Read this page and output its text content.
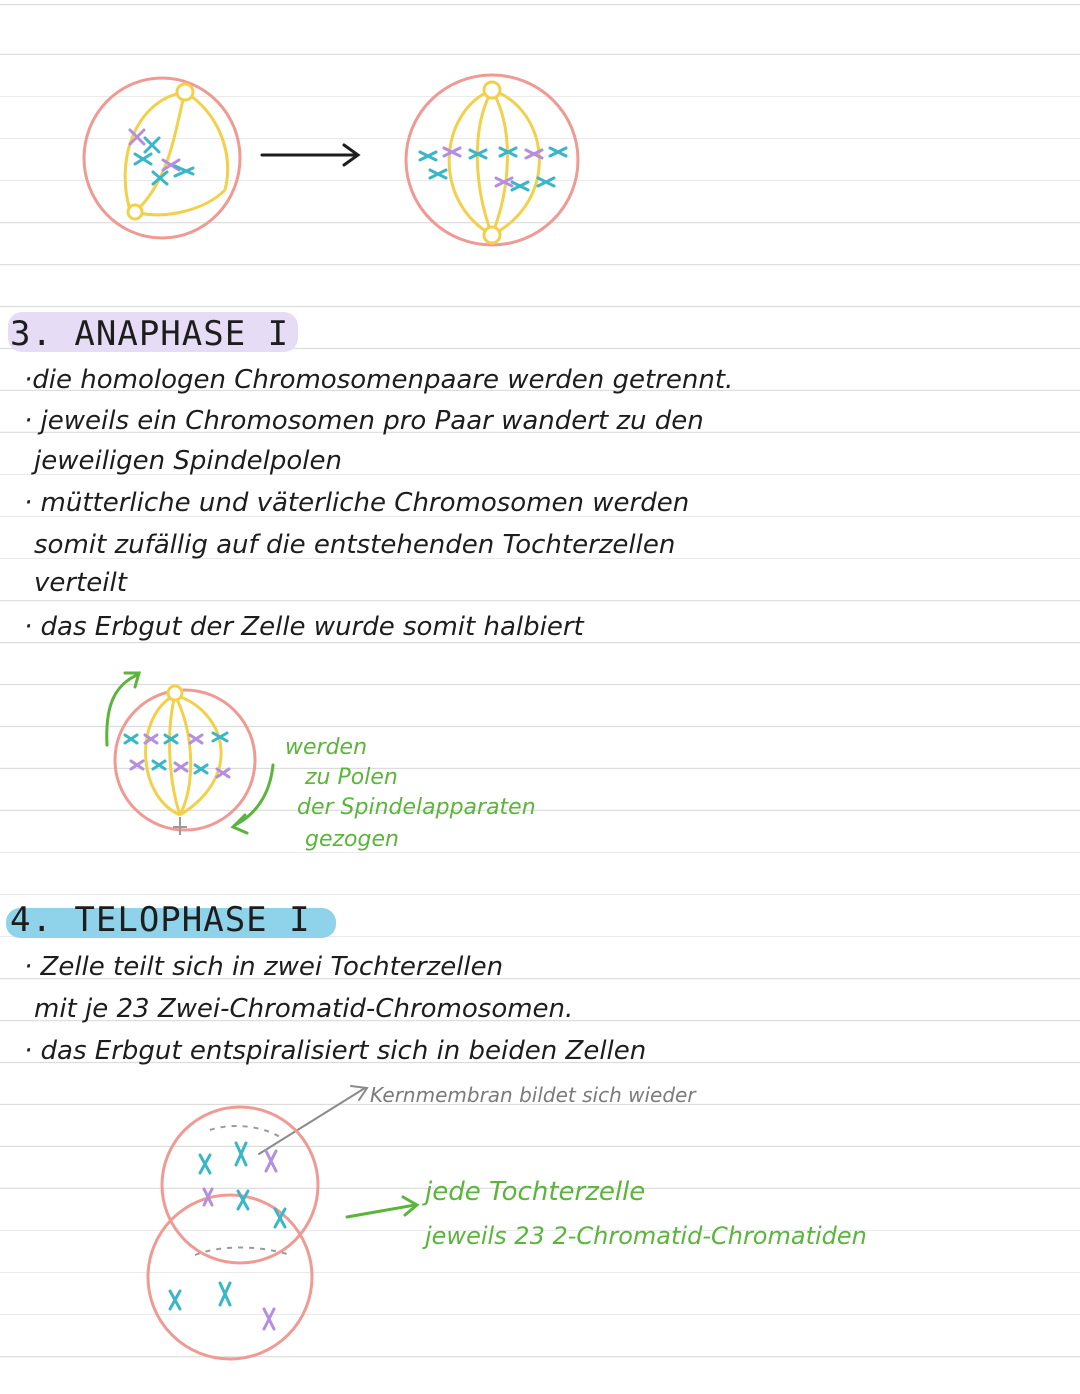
3. ANAPHASE I
·die homologen Chromosomenpaare werden getrennt.
· jeweils ein Chromosomen pro Paar wandert zu den
jeweiligen Spindelpolen
· mütterliche und väterliche Chromosomen werden
somit zufällig auf die entstehenden Tochterzellen
verteilt
· das Erbgut der Zelle wurde somit halbiert
werden
zu Polen
der Spindelapparaten
gezogen
4. TELOPHASE I
· Zelle teilt sich in zwei Tochterzellen
mit je 23 Zwei-Chromatid-Chromosomen.
· das Erbgut entspiralisiert sich in beiden Zellen
Kernmembran bildet sich wieder
jede Tochterzelle
jeweils 23 2-Chromatid-Chromatiden
